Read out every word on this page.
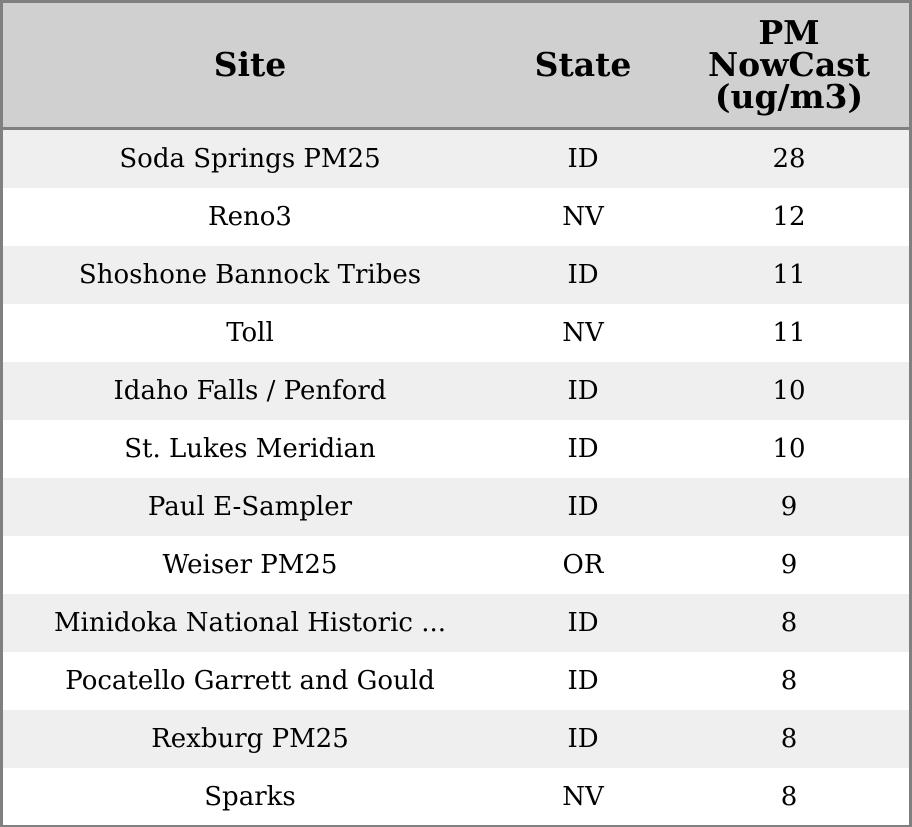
Site	State	PM
NowCast
(ug/m3)
Soda Springs PM25	ID	28
Reno3	NV	12
Shoshone Bannock Tribes	ID	11
Toll	NV	11
Idaho Falls / Penford	ID	10
St. Lukes Meridian	ID	10
Paul E-Sampler	ID	9
Weiser PM25	OR	9
Minidoka National Historic ...	ID	8
Pocatello Garrett and Gould	ID	8
Rexburg PM25	ID	8
Sparks	NV	8
